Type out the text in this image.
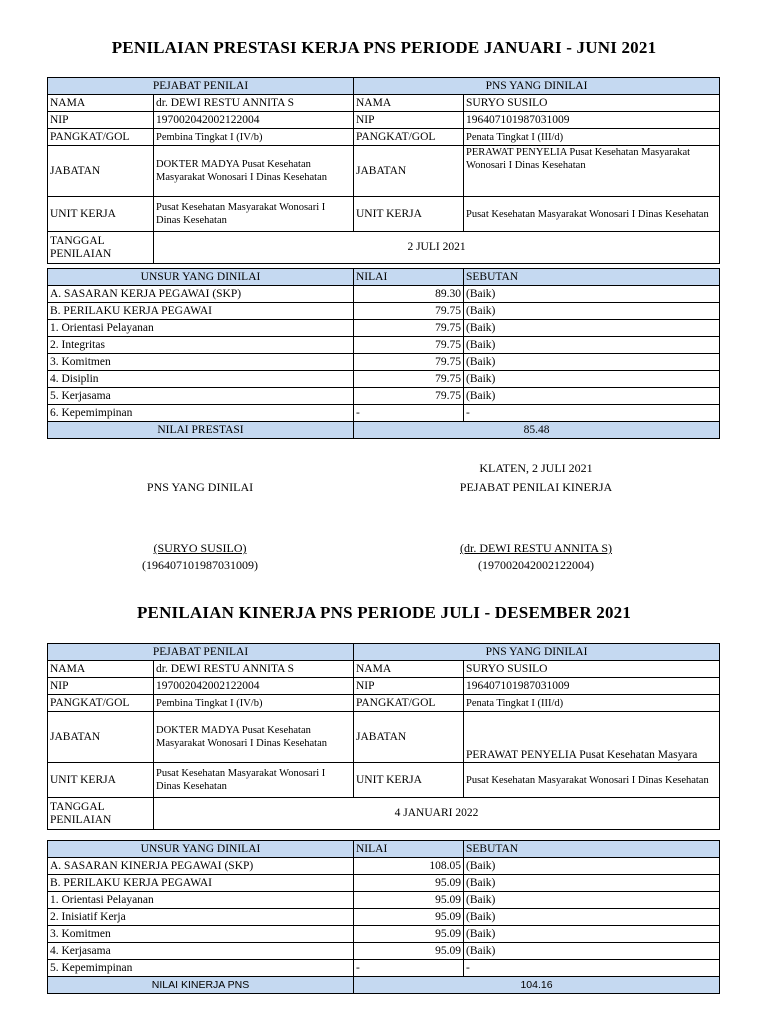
PENILAIAN PRESTASI KERJA PNS PERIODE JANUARI - JUNI 2021
PEJABAT PENILAI		PNS YANG DINILAI	
NAMA	dr. DEWI RESTU ANNITA S	NAMA	SURYO SUSILO
NIP	197002042002122004	NIP	196407101987031009
PANGKAT/GOL	Pembina Tingkat I (IV/b)	PANGKAT/GOL	Penata Tingkat I (III/d)
JABATAN	DOKTER MADYA Pusat Kesehatan Masyarakat Wonosari I Dinas Kesehatan	JABATAN	PERAWAT PENYELIA Pusat Kesehatan Masyarakat Wonosari I Dinas Kesehatan
UNIT KERJA	Pusat Kesehatan Masyarakat Wonosari I Dinas Kesehatan	UNIT KERJA	Pusat Kesehatan Masyarakat Wonosari I Dinas Kesehatan
TANGGAL PENILAIAN	2 JULI 2021		
UNSUR YANG DINILAI	NILAI	SEBUTAN
A. SASARAN KERJA PEGAWAI (SKP)	89.30	(Baik)
B. PERILAKU KERJA PEGAWAI	79.75	(Baik)
1. Orientasi Pelayanan	79.75	(Baik)
2. Integritas	79.75	(Baik)
3. Komitmen	79.75	(Baik)
4. Disiplin	79.75	(Baik)
5. Kerjasama	79.75	(Baik)
6. Kepemimpinan	-	-
NILAI PRESTASI	85.48	
KLATEN, 2 JULI 2021
PNS YANG DINILAI	PEJABAT PENILAI KINERJA
(SURYO SUSILO)
(196407101987031009)
(dr. DEWI RESTU ANNITA S)
(197002042002122004)
PENILAIAN KINERJA PNS PERIODE JULI - DESEMBER 2021
PEJABAT PENILAI		PNS YANG DINILAI	
NAMA	dr. DEWI RESTU ANNITA S	NAMA	SURYO SUSILO
NIP	197002042002122004	NIP	196407101987031009
PANGKAT/GOL	Pembina Tingkat I (IV/b)	PANGKAT/GOL	Penata Tingkat I (III/d)
JABATAN	DOKTER MADYA Pusat Kesehatan Masyarakat Wonosari I Dinas Kesehatan	JABATAN	PERAWAT PENYELIA Pusat Kesehatan Masyara
UNIT KERJA	Pusat Kesehatan Masyarakat Wonosari I Dinas Kesehatan	UNIT KERJA	Pusat Kesehatan Masyarakat Wonosari I Dinas Kesehatan
TANGGAL PENILAIAN	4 JANUARI 2022		
UNSUR YANG DINILAI	NILAI	SEBUTAN
A. SASARAN KINERJA PEGAWAI (SKP)	108.05	(Baik)
B. PERILAKU KERJA PEGAWAI	95.09	(Baik)
1. Orientasi Pelayanan	95.09	(Baik)
2. Inisiatif Kerja	95.09	(Baik)
3. Komitmen	95.09	(Baik)
4. Kerjasama	95.09	(Baik)
5. Kepemimpinan	-	-
NILAI KINERJA PNS	104.16	
